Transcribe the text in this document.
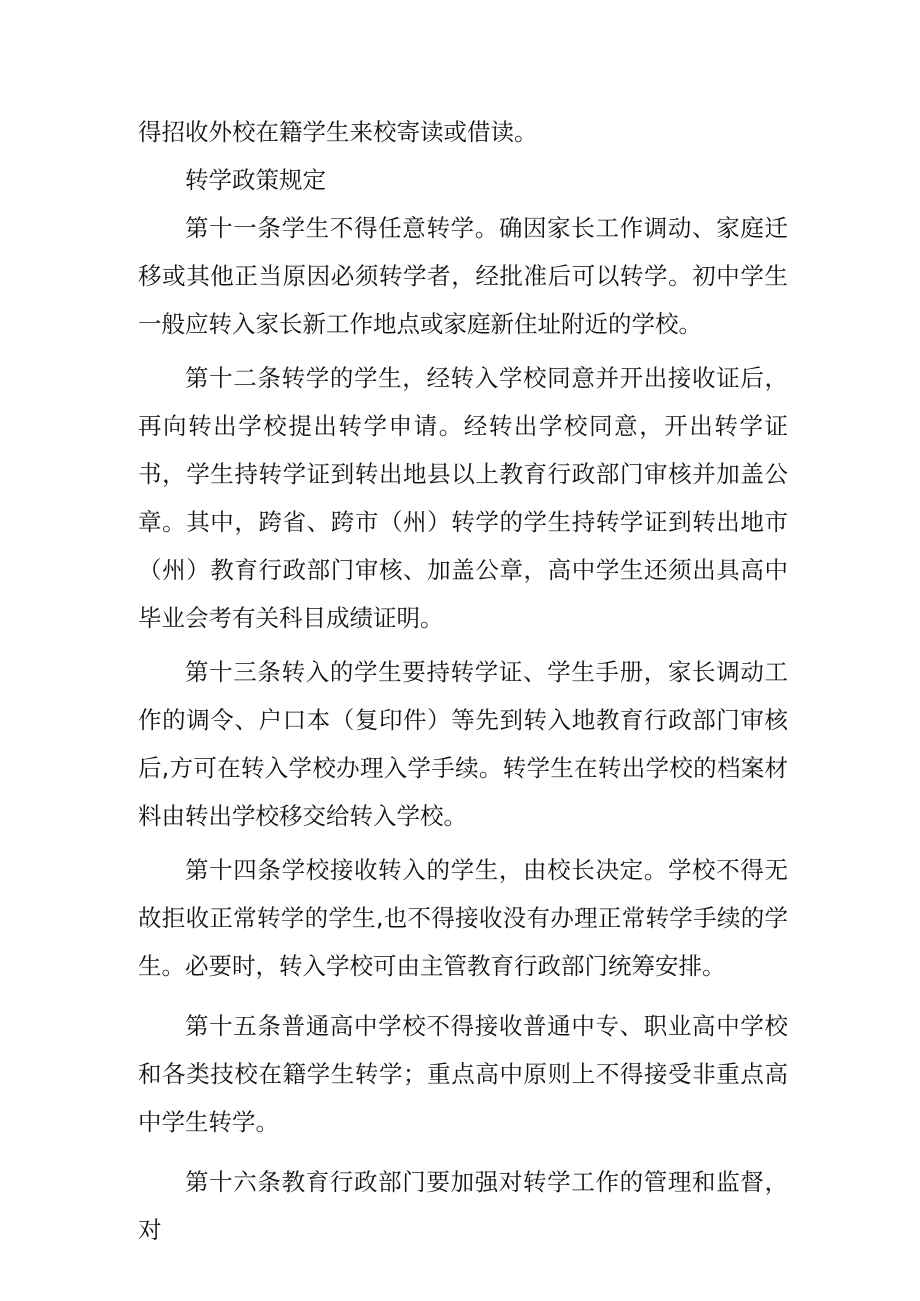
得招收外校在籍学生来校寄读或借读。

转学政策规定

第十一条学生不得任意转学。确因家长工作调动、家庭迁移或其他正当原因必须转学者，经批准后可以转学。初中学生一般应转入家长新工作地点或家庭新住址附近的学校。

第十二条转学的学生，经转入学校同意并开出接收证后，再向转出学校提出转学申请。经转出学校同意，开出转学证书，学生持转学证到转出地县以上教育行政部门审核并加盖公章。其中，跨省、跨市（州）转学的学生持转学证到转出地市（州）教育行政部门审核、加盖公章，高中学生还须出具高中毕业会考有关科目成绩证明。

第十三条转入的学生要持转学证、学生手册，家长调动工作的调令、户口本（复印件）等先到转入地教育行政部门审核后,方可在转入学校办理入学手续。转学生在转出学校的档案材料由转出学校移交给转入学校。

第十四条学校接收转入的学生，由校长决定。学校不得无故拒收正常转学的学生,也不得接收没有办理正常转学手续的学生。必要时，转入学校可由主管教育行政部门统筹安排。

第十五条普通高中学校不得接收普通中专、职业高中学校和各类技校在籍学生转学；重点高中原则上不得接受非重点高中学生转学。

第十六条教育行政部门要加强对转学工作的管理和监督，对
